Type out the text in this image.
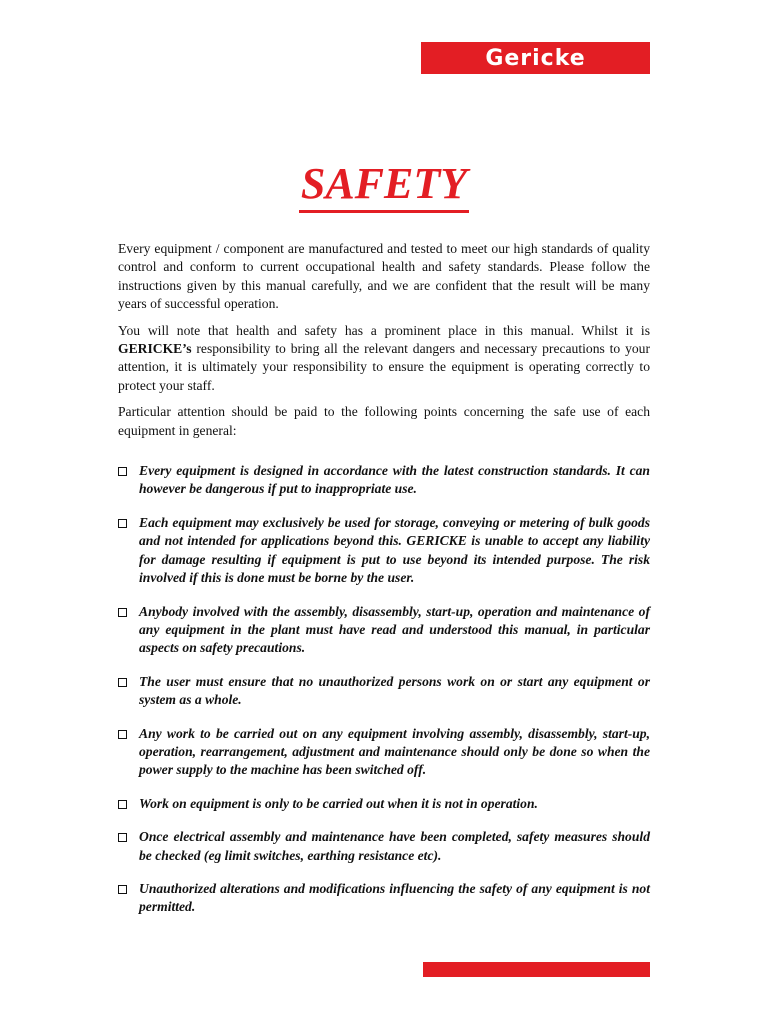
Gericke
SAFETY

Every equipment / component are manufactured and tested to meet our high standards of quality control and conform to current occupational health and safety standards. Please follow the instructions given by this manual carefully, and we are confident that the result will be many years of successful operation.

You will note that health and safety has a prominent place in this manual. Whilst it is GERICKE’s responsibility to bring all the relevant dangers and necessary precautions to your attention, it is ultimately your responsibility to ensure the equipment is operating correctly to protect your staff.

Particular attention should be paid to the following points concerning the safe use of each equipment in general:

Every equipment is designed in accordance with the latest construction standards. It can however be dangerous if put to inappropriate use.
Each equipment may exclusively be used for storage, conveying or metering of bulk goods and not intended for applications beyond this. GERICKE is unable to accept any liability for damage resulting if equipment is put to use beyond its intended purpose. The risk involved if this is done must be borne by the user.
Anybody involved with the assembly, disassembly, start-up, operation and maintenance of any equipment in the plant must have read and understood this manual, in particular aspects on safety precautions.
The user must ensure that no unauthorized persons work on or start any equipment or system as a whole.
Any work to be carried out on any equipment involving assembly, disassembly, start-up, operation, rearrangement, adjustment and maintenance should only be done so when the power supply to the machine has been switched off.
Work on equipment is only to be carried out when it is not in operation.
Once electrical assembly and maintenance have been completed, safety measures should be checked (eg limit switches, earthing resistance etc).
Unauthorized alterations and modifications influencing the safety of any equipment is not permitted.
